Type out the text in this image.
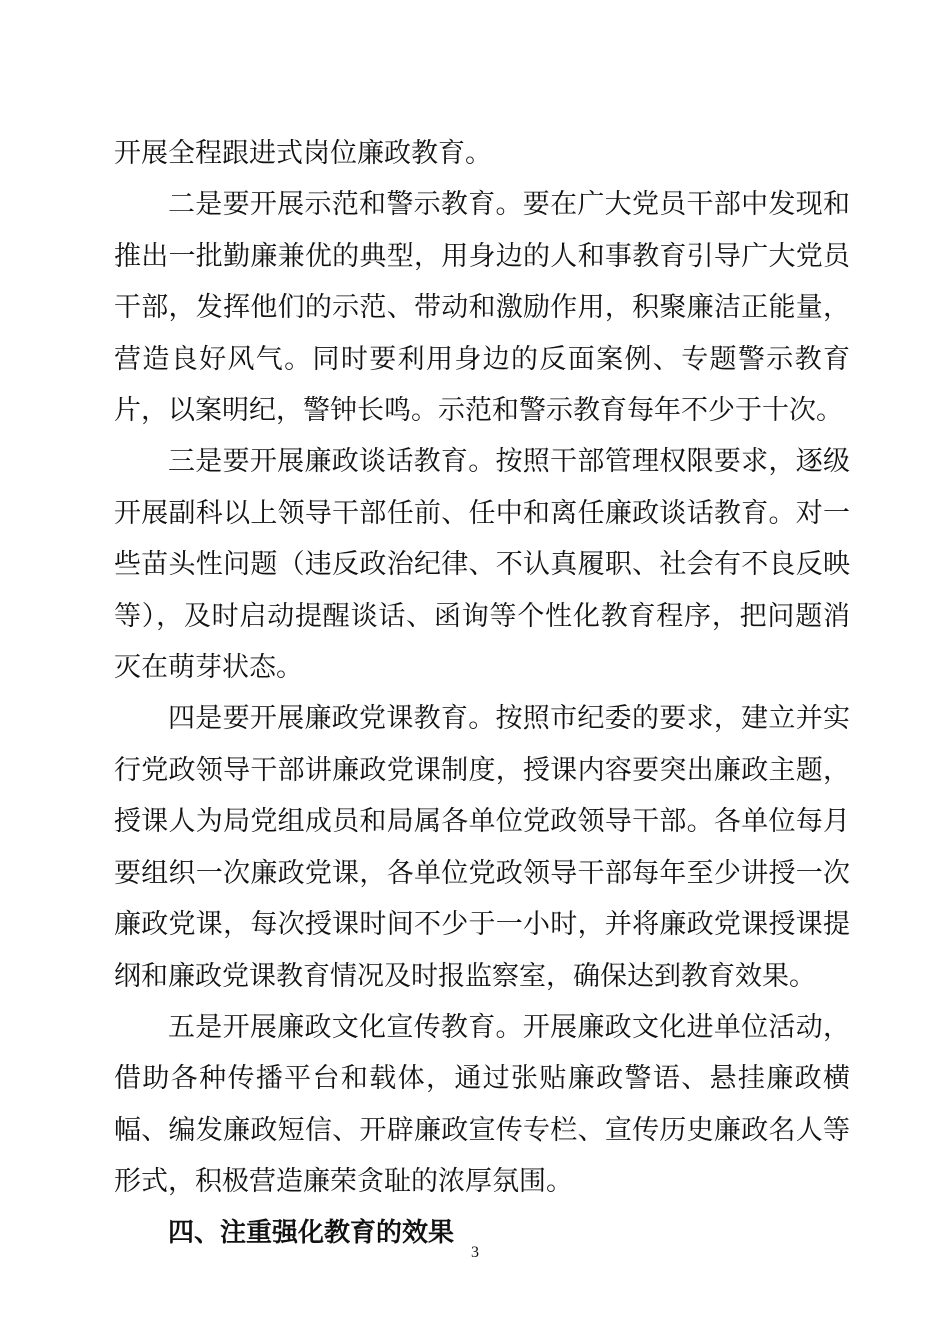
开展全程跟进式岗位廉政教育。

二是要开展示范和警示教育。要在广大党员干部中发现和推出一批勤廉兼优的典型，用身边的人和事教育引导广大党员干部，发挥他们的示范、带动和激励作用，积聚廉洁正能量，营造良好风气。同时要利用身边的反面案例、专题警示教育片，以案明纪，警钟长鸣。示范和警示教育每年不少于十次。

三是要开展廉政谈话教育。按照干部管理权限要求，逐级开展副科以上领导干部任前、任中和离任廉政谈话教育。对一些苗头性问题（违反政治纪律、不认真履职、社会有不良反映等），及时启动提醒谈话、函询等个性化教育程序，把问题消灭在萌芽状态。

四是要开展廉政党课教育。按照市纪委的要求，建立并实行党政领导干部讲廉政党课制度，授课内容要突出廉政主题，授课人为局党组成员和局属各单位党政领导干部。各单位每月要组织一次廉政党课，各单位党政领导干部每年至少讲授一次廉政党课，每次授课时间不少于一小时，并将廉政党课授课提纲和廉政党课教育情况及时报监察室，确保达到教育效果。

五是开展廉政文化宣传教育。开展廉政文化进单位活动，借助各种传播平台和载体，通过张贴廉政警语、悬挂廉政横幅、编发廉政短信、开辟廉政宣传专栏、宣传历史廉政名人等形式，积极营造廉荣贪耻的浓厚氛围。

四、注重强化教育的效果

3
